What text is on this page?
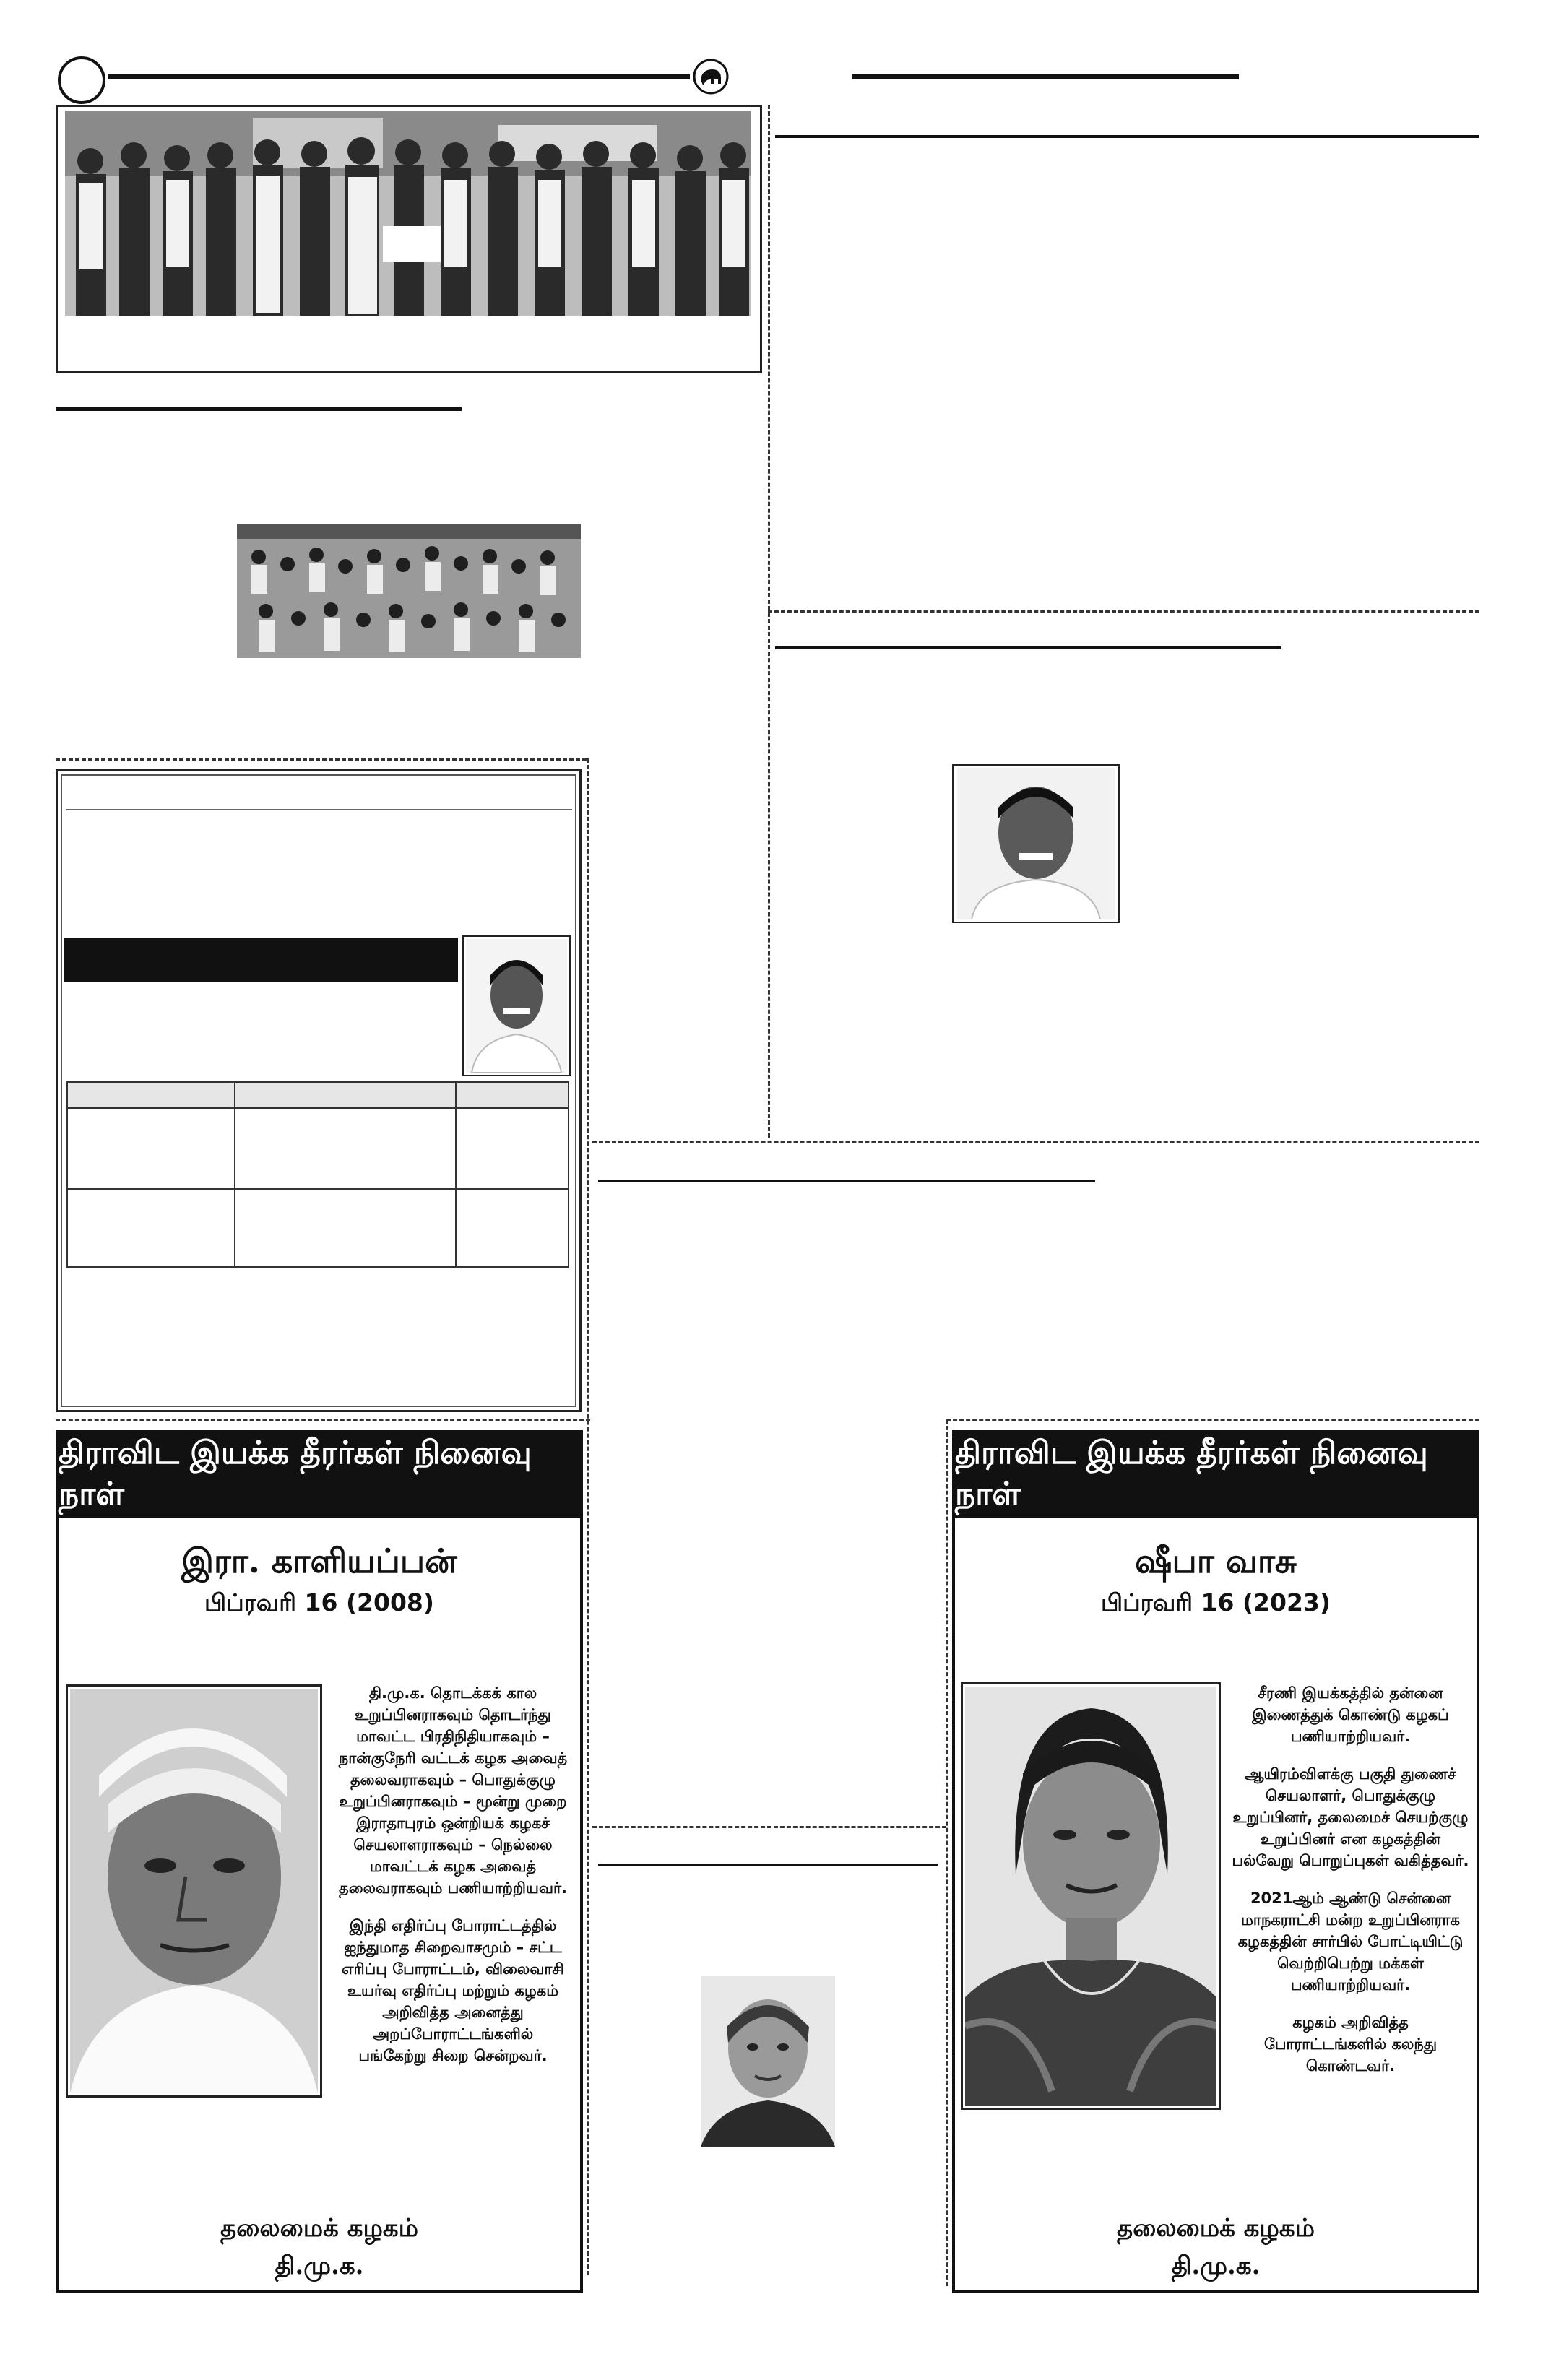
திராவிட இயக்க தீரர்கள் நினைவு நாள்
இரா. காளியப்பன்
பிப்ரவரி 16 (2008)

தி.மு.க. தொடக்கக் கால உறுப்பினராகவும் தொடர்ந்து மாவட்ட பிரதிநிதியாகவும் – நான்குநேரி வட்டக் கழக அவைத் தலைவராகவும் – பொதுக்குழு உறுப்பினராகவும் – மூன்று முறை இராதாபுரம் ஒன்றியக் கழகச் செயலாளராகவும் – நெல்லை மாவட்டக் கழக அவைத் தலைவராகவும் பணியாற்றியவர்.

இந்தி எதிர்ப்பு போராட்டத்தில் ஐந்துமாத சிறைவாசமும் – சட்ட எரிப்பு போராட்டம், விலைவாசி உயர்வு எதிர்ப்பு மற்றும் கழகம் அறிவித்த அனைத்து அறப்போராட்டங்களில் பங்கேற்று சிறை சென்றவர்.

தலைமைக் கழகம்
தி.மு.க.
திராவிட இயக்க தீரர்கள் நினைவு நாள்
ஷீபா வாசு
பிப்ரவரி 16 (2023)

சீரணி இயக்கத்தில் தன்னை இணைத்துக் கொண்டு கழகப் பணியாற்றியவர்.

ஆயிரம்விளக்கு பகுதி துணைச் செயலாளர், பொதுக்குழு உறுப்பினர், தலைமைச் செயற்குழு உறுப்பினர் என கழகத்தின் பல்வேறு பொறுப்புகள் வகித்தவர்.

2021ஆம் ஆண்டு சென்னை மாநகராட்சி மன்ற உறுப்பினராக கழகத்தின் சார்பில் போட்டியிட்டு வெற்றிபெற்று மக்கள் பணியாற்றியவர்.

கழகம் அறிவித்த போராட்டங்களில் கலந்து கொண்டவர்.

தலைமைக் கழகம்
தி.மு.க.
